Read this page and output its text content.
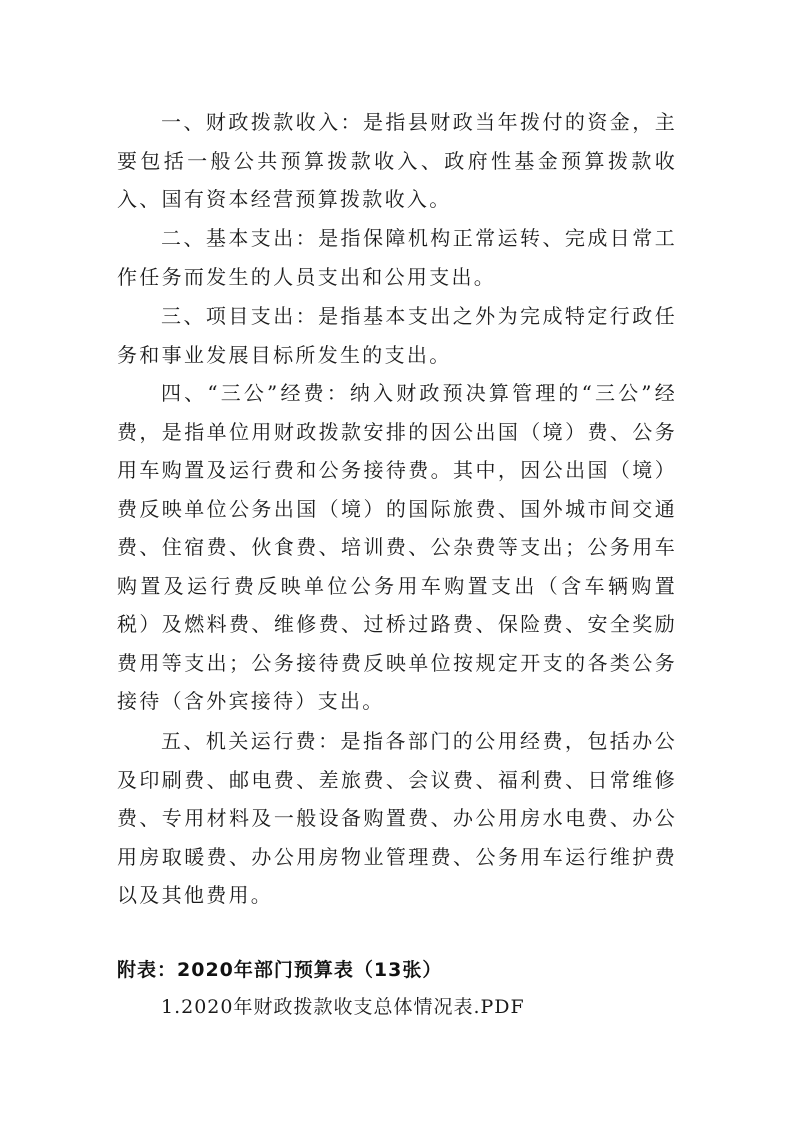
一、财政拨款收入：是指县财政当年拨付的资金，主要包括一般公共预算拨款收入、政府性基金预算拨款收入、国有资本经营预算拨款收入。

二、基本支出：是指保障机构正常运转、完成日常工作任务而发生的人员支出和公用支出。

三、项目支出：是指基本支出之外为完成特定行政任务和事业发展目标所发生的支出。

四、“三公”经费：纳入财政预决算管理的“三公”经费，是指单位用财政拨款安排的因公出国（境）费、公务用车购置及运行费和公务接待费。其中，因公出国（境）费反映单位公务出国（境）的国际旅费、国外城市间交通费、住宿费、伙食费、培训费、公杂费等支出；公务用车购置及运行费反映单位公务用车购置支出（含车辆购置税）及燃料费、维修费、过桥过路费、保险费、安全奖励费用等支出；公务接待费反映单位按规定开支的各类公务接待（含外宾接待）支出。

五、机关运行费：是指各部门的公用经费，包括办公及印刷费、邮电费、差旅费、会议费、福利费、日常维修费、专用材料及一般设备购置费、办公用房水电费、办公用房取暖费、办公用房物业管理费、公务用车运行维护费以及其他费用。

附表：2020年部门预算表（13张）

1.2020年财政拨款收支总体情况表.PDF
